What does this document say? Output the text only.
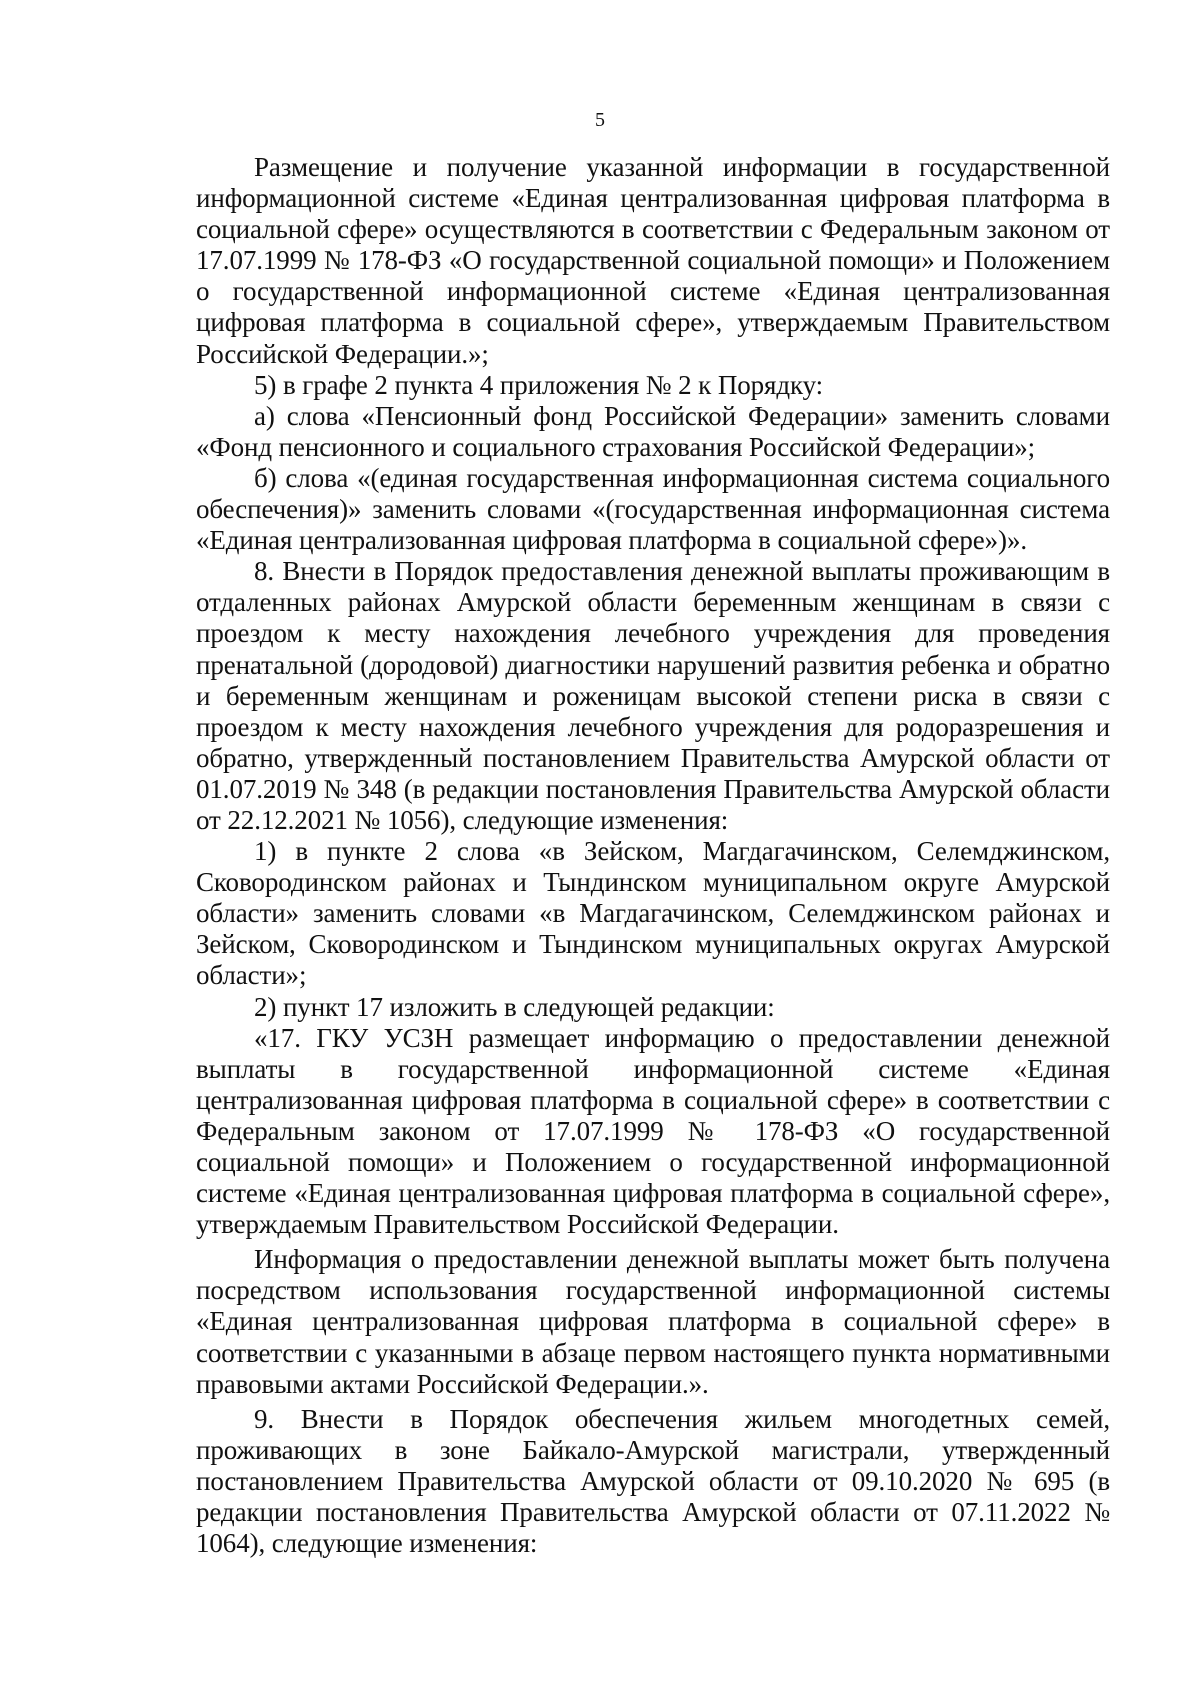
5

Размещение и получение указанной информации в государственной информационной системе «Единая централизованная цифровая платформа в социальной сфере» осуществляются в соответствии с Федеральным законом от 17.07.1999 № 178-ФЗ «О государственной социальной помощи» и Положением о государственной информационной системе «Единая централизованная цифровая платформа в социальной сфере», утверждаемым Правительством Российской Федерации.»;

5) в графе 2 пункта 4 приложения № 2 к Порядку:

а) слова «Пенсионный фонд Российской Федерации» заменить словами «Фонд пенсионного и социального страхования Российской Федерации»;

б) слова «(единая государственная информационная система социального обеспечения)» заменить словами «(государственная информационная система «Единая централизованная цифровая платформа в социальной сфере»)».

8. Внести в Порядок предоставления денежной выплаты проживающим в отдаленных районах Амурской области беременным женщинам в связи с проездом к месту нахождения лечебного учреждения для проведения пренатальной (дородовой) диагностики нарушений развития ребенка и обратно и беременным женщинам и роженицам высокой степени риска в связи с проездом к месту нахождения лечебного учреждения для родоразрешения и обратно, утвержденный постановлением Правительства Амурской области от 01.07.2019 № 348 (в редакции постановления Правительства Амурской области от 22.12.2021 № 1056), следующие изменения:

1) в пункте 2 слова «в Зейском, Магдагачинском, Селемджинском, Сковородинском районах и Тындинском муниципальном округе Амурской области» заменить словами «в Магдагачинском, Селемджинском районах и Зейском, Сковородинском и Тындинском муниципальных округах Амурской области»;

2) пункт 17 изложить в следующей редакции:

«17. ГКУ УСЗН размещает информацию о предоставлении денежной выплаты в государственной информационной системе «Единая централизованная цифровая платформа в социальной сфере» в соответствии с Федеральным законом от 17.07.1999 № 178-ФЗ «О государственной социальной помощи» и Положением о государственной информационной системе «Единая централизованная цифровая платформа в социальной сфере», утверждаемым Правительством Российской Федерации.

Информация о предоставлении денежной выплаты может быть получена посредством использования государственной информационной системы «Единая централизованная цифровая платформа в социальной сфере» в соответствии с указанными в абзаце первом настоящего пункта нормативными правовыми актами Российской Федерации.».

9. Внести в Порядок обеспечения жильем многодетных семей, проживающих в зоне Байкало-Амурской магистрали, утвержденный постановлением Правительства Амурской области от 09.10.2020 № 695 (в редакции постановления Правительства Амурской области от 07.11.2022 № 1064), следующие изменения:
